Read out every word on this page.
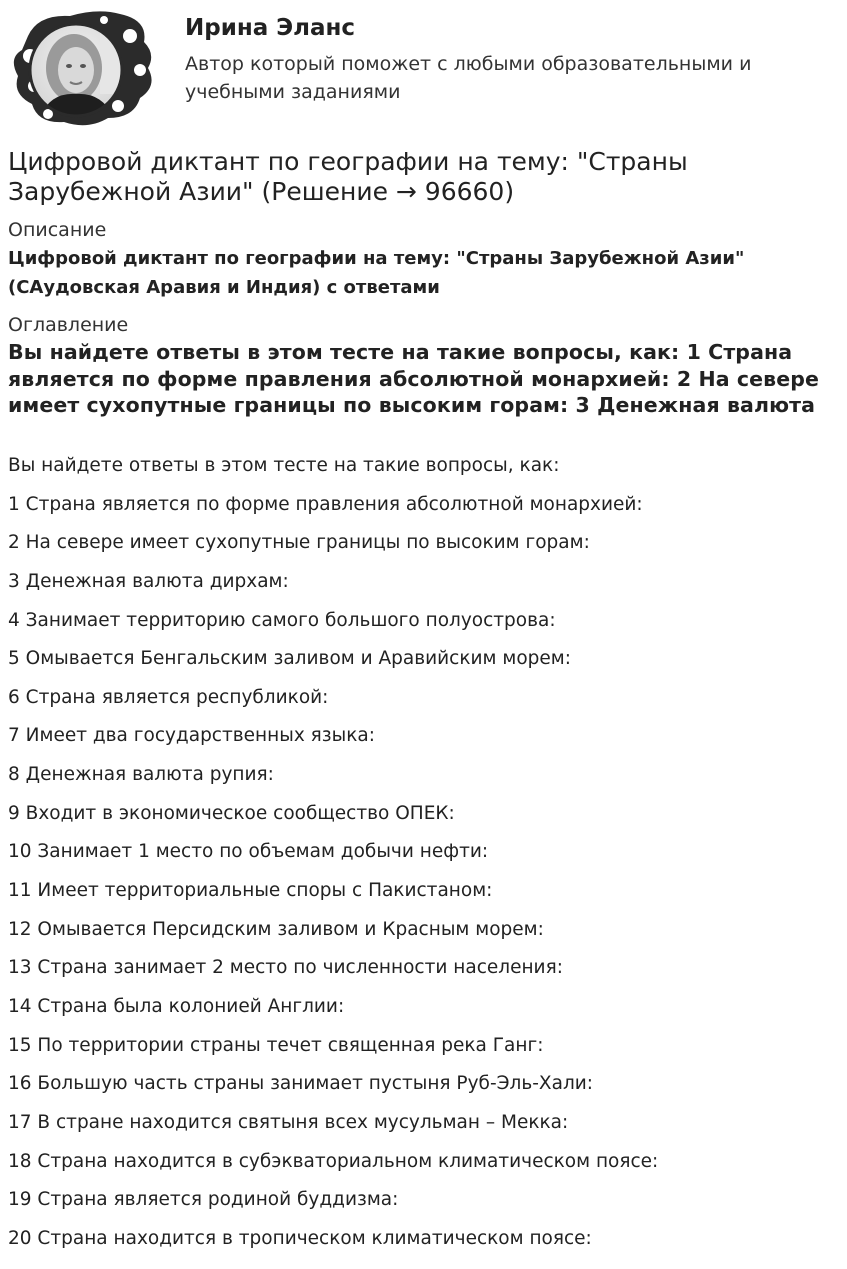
Ирина Эланс
Автор который поможет с любыми образовательными и учебными заданиями
Цифровой диктант по географии на тему: "Страны Зарубежной Азии" (Решение → 96660)
Описание
Цифровой диктант по географии на тему: "Страны Зарубежной Азии" (САудовская Аравия и Индия) с ответами
Оглавление
Вы найдете ответы в этом тесте на такие вопросы, как: 1 Страна является по форме правления абсолютной монархией: 2 На севере имеет сухопутные границы по высоким горам: 3 Денежная валюта
Вы найдете ответы в этом тесте на такие вопросы, как:
1 Страна является по форме правления абсолютной монархией:
2 На севере имеет сухопутные границы по высоким горам:
3 Денежная валюта дирхам:
4 Занимает территорию самого большого полуострова:
5 Омывается Бенгальским заливом и Аравийским морем:
6 Страна является республикой:
7 Имеет два государственных языка:
8 Денежная валюта рупия:
9 Входит в экономическое сообщество ОПЕК:
10 Занимает 1 место по объемам добычи нефти:
11 Имеет территориальные споры с Пакистаном:
12 Омывается Персидским заливом и Красным морем:
13 Страна занимает 2 место по численности населения:
14 Страна была колонией Англии:
15 По территории страны течет священная река Ганг:
16 Большую часть страны занимает пустыня Руб-Эль-Хали:
17 В стране находится святыня всех мусульман – Мекка:
18 Страна находится в субэкваториальном климатическом поясе:
19 Страна является родиной буддизма:
20 Страна находится в тропическом климатическом поясе:
